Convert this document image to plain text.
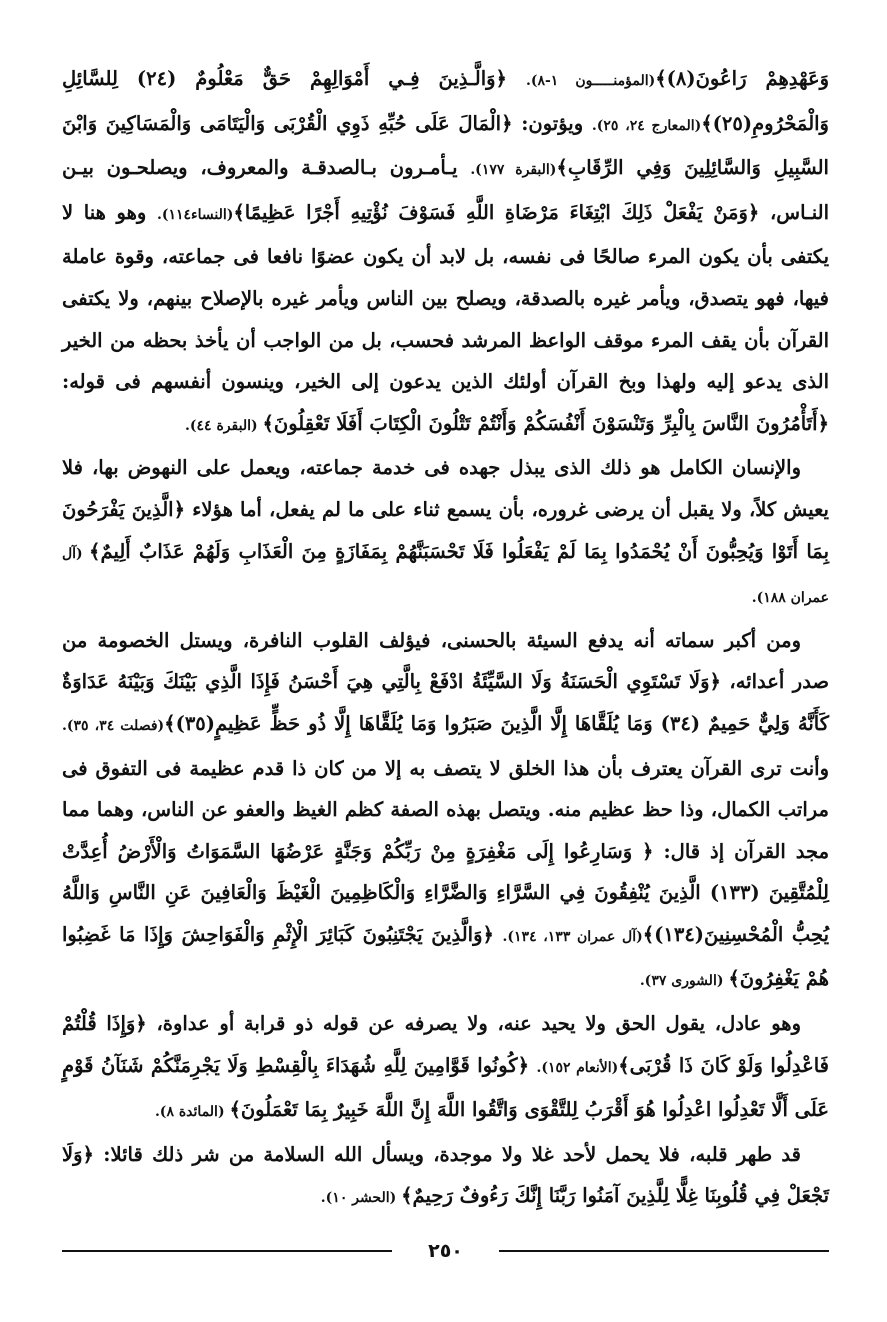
وَعَهْدِهِمْ رَاعُونَ(٨)﴾(المؤمنـــــون ١-٨). ﴿وَالَّـذِينَ فِـي أَمْوَالِهِمْ حَقٌّ مَعْلُومٌ (٢٤) لِلسَّائِلِ وَالْمَحْرُومِ(٢٥)﴾(المعارج ٢٤، ٢٥). ويؤتون: ﴿الْمَالَ عَلَى حُبِّهِ ذَوِي الْقُرْبَى وَالْيَتَامَى وَالْمَسَاكِينَ وَابْنَ السَّبِيلِ وَالسَّائِلِينَ وَفِي الرِّقَابِ﴾(البقرة ١٧٧). يـأمـرون بـالصدقـة والمعروف، ويصلحـون بيـن النـاس، ﴿وَمَنْ يَفْعَلْ ذَلِكَ ابْتِغَاءَ مَرْضَاةِ اللَّهِ فَسَوْفَ نُؤْتِيهِ أَجْرًا عَظِيمًا﴾(النساء١١٤). وهو هنا لا يكتفى بأن يكون المرء صالحًا فى نفسه، بل لابد أن يكون عضوًا نافعا فى جماعته، وقوة عاملة فيها، فهو يتصدق، ويأمر غيره بالصدقة، ويصلح بين الناس ويأمر غيره بالإصلاح بينهم، ولا يكتفى القرآن بأن يقف المرء موقف الواعظ المرشد فحسب، بل من الواجب أن يأخذ بحظه من الخير الذى يدعو إليه ولهذا وبخ القرآن أولئك الذين يدعون إلى الخير، وينسون أنفسهم فى قوله: ﴿أَتَأْمُرُونَ النَّاسَ بِالْبِرِّ وَتَنْسَوْنَ أَنْفُسَكُمْ وَأَنْتُمْ تَتْلُونَ الْكِتَابَ أَفَلَا تَعْقِلُونَ﴾ (البقرة ٤٤).

والإنسان الكامل هو ذلك الذى يبذل جهده فى خدمة جماعته، ويعمل على النهوض بها، فلا يعيش كلاً، ولا يقبل أن يرضى غروره، بأن يسمع ثناء على ما لم يفعل، أما هؤلاء ﴿الَّذِينَ يَفْرَحُونَ بِمَا أَتَوْا وَيُحِبُّونَ أَنْ يُحْمَدُوا بِمَا لَمْ يَفْعَلُوا فَلَا تَحْسَبَنَّهُمْ بِمَفَازَةٍ مِنَ الْعَذَابِ وَلَهُمْ عَذَابٌ أَلِيمٌ﴾ (آل عمران ١٨٨).

ومن أكبر سماته أنه يدفع السيئة بالحسنى، فيؤلف القلوب النافرة، ويستل الخصومة من صدر أعدائه، ﴿وَلَا تَسْتَوِي الْحَسَنَةُ وَلَا السَّيِّئَةُ ادْفَعْ بِالَّتِي هِيَ أَحْسَنُ فَإِذَا الَّذِي بَيْنَكَ وَبَيْنَهُ عَدَاوَةٌ كَأَنَّهُ وَلِيٌّ حَمِيمٌ (٣٤) وَمَا يُلَقَّاهَا إِلَّا الَّذِينَ صَبَرُوا وَمَا يُلَقَّاهَا إِلَّا ذُو حَظٍّ عَظِيمٍ(٣٥)﴾(فصلت ٣٤، ٣٥). وأنت ترى القرآن يعترف بأن هذا الخلق لا يتصف به إلا من كان ذا قدم عظيمة فى التفوق فى مراتب الكمال، وذا حظ عظيم منه. ويتصل بهذه الصفة كظم الغيظ والعفو عن الناس، وهما مما مجد القرآن إذ قال: ﴿ وَسَارِعُوا إِلَى مَغْفِرَةٍ مِنْ رَبِّكُمْ وَجَنَّةٍ عَرْضُهَا السَّمَوَاتُ وَالْأَرْضُ أُعِدَّتْ لِلْمُتَّقِينَ (١٣٣) الَّذِينَ يُنْفِقُونَ فِي السَّرَّاءِ وَالضَّرَّاءِ وَالْكَاظِمِينَ الْغَيْظَ وَالْعَافِينَ عَنِ النَّاسِ وَاللَّهُ يُحِبُّ الْمُحْسِنِينَ(١٣٤)﴾(آل عمران ١٣٣، ١٣٤). ﴿وَالَّذِينَ يَجْتَنِبُونَ كَبَائِرَ الْإِثْمِ وَالْفَوَاحِشَ وَإِذَا مَا غَضِبُوا هُمْ يَغْفِرُونَ﴾ (الشورى ٣٧).

وهو عادل، يقول الحق ولا يحيد عنه، ولا يصرفه عن قوله ذو قرابة أو عداوة، ﴿وَإِذَا قُلْتُمْ فَاعْدِلُوا وَلَوْ كَانَ ذَا قُرْبَى﴾(الأنعام ١٥٢). ﴿كُونُوا قَوَّامِينَ لِلَّهِ شُهَدَاءَ بِالْقِسْطِ وَلَا يَجْرِمَنَّكُمْ شَنَآنُ قَوْمٍ عَلَى أَلَّا تَعْدِلُوا اعْدِلُوا هُوَ أَقْرَبُ لِلتَّقْوَى وَاتَّقُوا اللَّهَ إِنَّ اللَّهَ خَبِيرٌ بِمَا تَعْمَلُونَ﴾ (المائدة ٨).

قد طهر قلبه، فلا يحمل لأحد غلا ولا موجدة، ويسأل الله السلامة من شر ذلك قائلا: ﴿وَلَا تَجْعَلْ فِي قُلُوبِنَا غِلًّا لِلَّذِينَ آمَنُوا رَبَّنَا إِنَّكَ رَءُوفٌ رَحِيمٌ﴾ (الحشر ١٠).

٢٥٠
